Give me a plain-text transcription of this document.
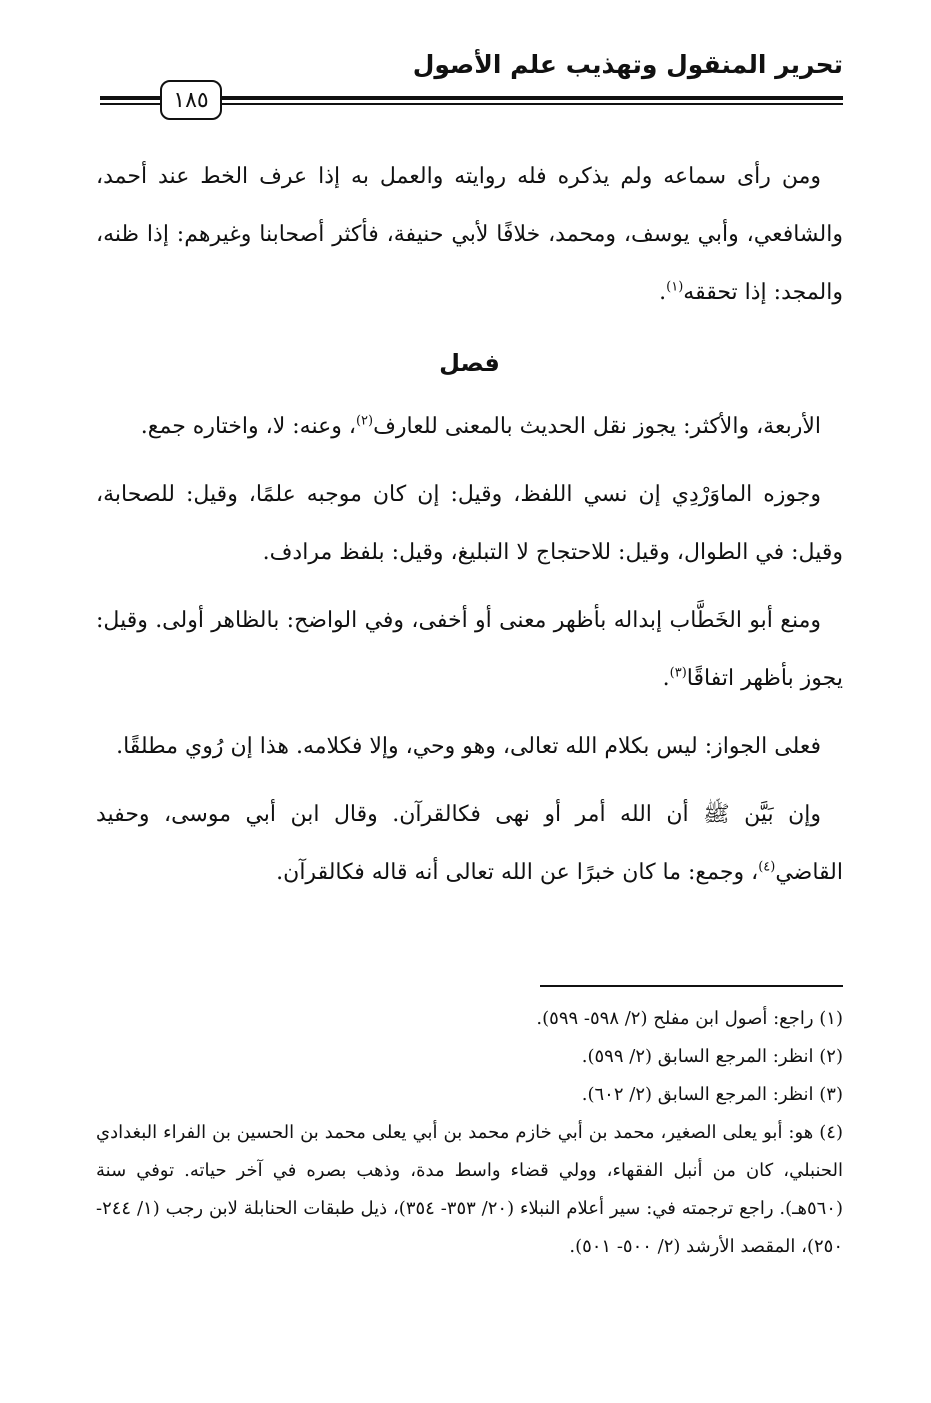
تحرير المنقول وتهذيب علم الأصول
١٨٥

ومن رأى سماعه ولم يذكره فله روايته والعمل به إذا عرف الخط عند أحمد، والشافعي، وأبي يوسف، ومحمد، خلافًا لأبي حنيفة، فأكثر أصحابنا وغيرهم: إذا ظنه، والمجد: إذا تحققه$^{(١)}$.

فصل

الأربعة، والأكثر: يجوز نقل الحديث بالمعنى للعارف$^{(٢)}$، وعنه: لا، واختاره جمع.

وجوزه الماوَرْدِي إن نسي اللفظ، وقيل: إن كان موجبه علمًا، وقيل: للصحابة، وقيل: في الطوال، وقيل: للاحتجاج لا التبليغ، وقيل: بلفظ مرادف.

ومنع أبو الخَطَّاب إبداله بأظهر معنى أو أخفى، وفي الواضح: بالظاهر أولى. وقيل: يجوز بأظهر اتفاقًا$^{(٣)}$.

فعلى الجواز: ليس بكلام الله تعالى، وهو وحي، وإلا فكلامه. هذا إن رُوي مطلقًا.

وإن بَيَّن ﷺ أن الله أمر أو نهى فكالقرآن. وقال ابن أبي موسى، وحفيد القاضي$^{(٤)}$، وجمع: ما كان خبرًا عن الله تعالى أنه قاله فكالقرآن.

(١) راجع: أصول ابن مفلح (٢/ ٥٩٨- ٥٩٩).

(٢) انظر: المرجع السابق (٢/ ٥٩٩).

(٣) انظر: المرجع السابق (٢/ ٦٠٢).

(٤) هو: أبو يعلى الصغير، محمد بن أبي خازم محمد بن أبي يعلى محمد بن الحسين بن الفراء البغدادي الحنبلي، كان من أنبل الفقهاء، وولي قضاء واسط مدة، وذهب بصره في آخر حياته. توفي سنة (٥٦٠هـ). راجع ترجمته في: سير أعلام النبلاء (٢٠/ ٣٥٣- ٣٥٤)، ذيل طبقات الحنابلة لابن رجب (١/ ٢٤٤- ٢٥٠)، المقصد الأرشد (٢/ ٥٠٠- ٥٠١).
